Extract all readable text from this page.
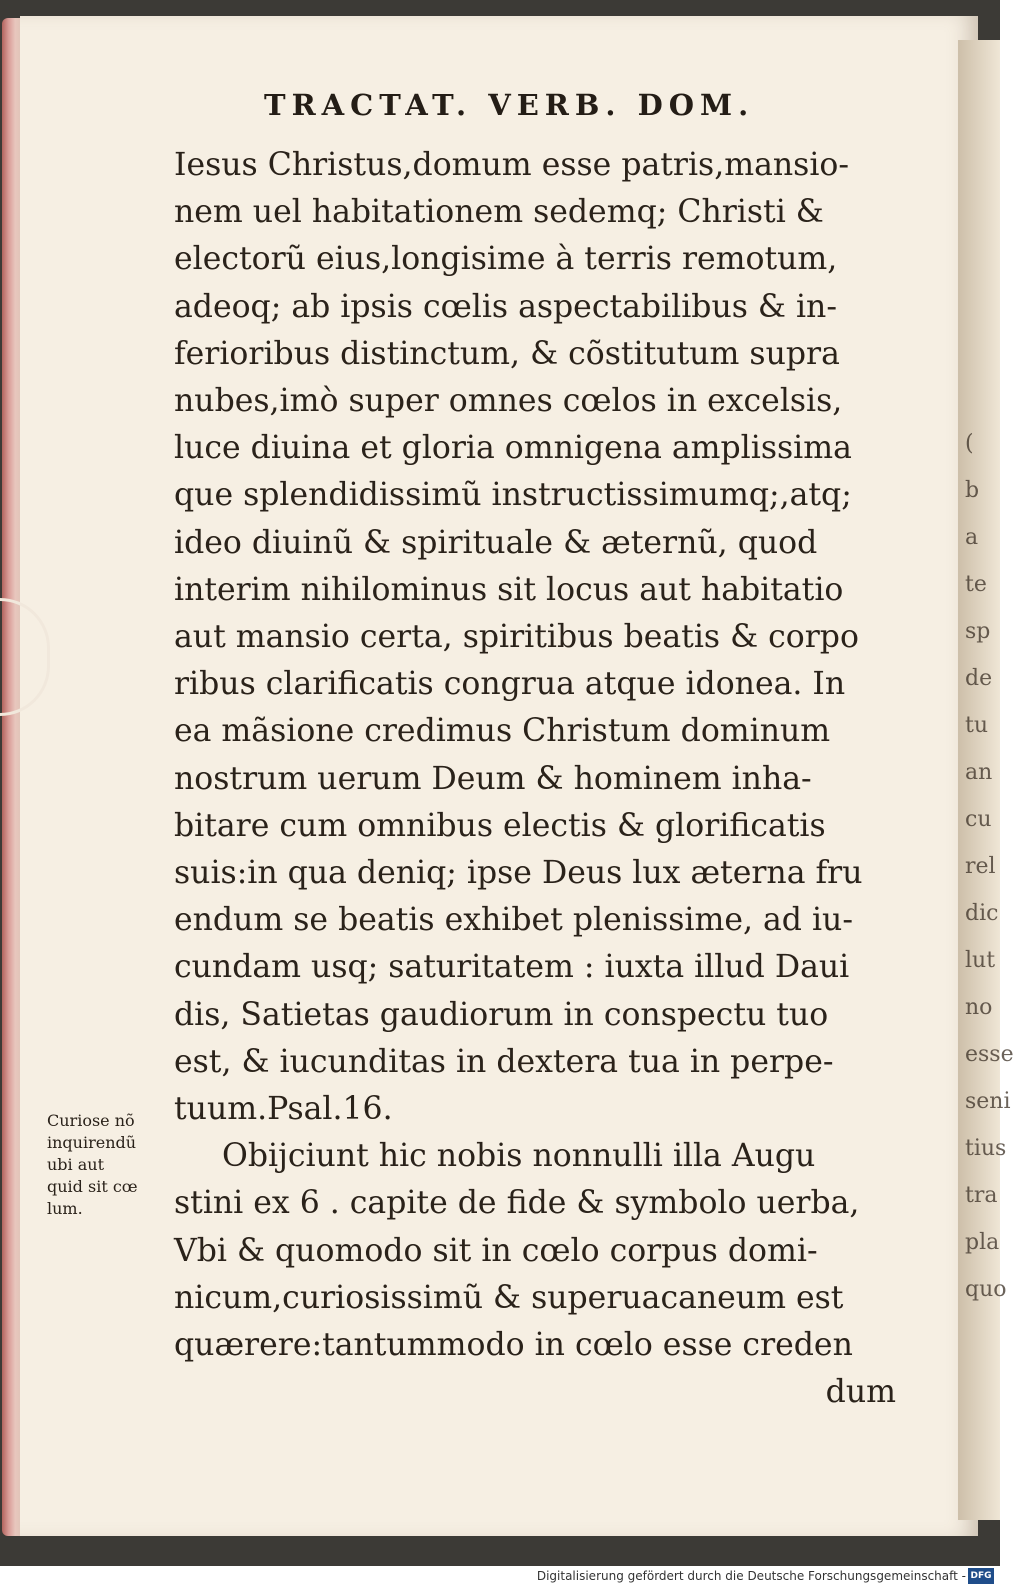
(
b
a
te
sp
de
tu
an
cu
rel
dic
lut
no
esse
seni
tius
tra
pla
quo
TRACTAT. VERB. DOM.
Iesus Christus,domum esse patris,mansio-
nem uel habitationem sedemq; Christi &
electorũ eius,longisime à terris remotum,
adeoq; ab ipsis cœlis aspectabilibus & in-
ferioribus distinctum, & cõstitutum supra
nubes,imò super omnes cœlos in excelsis,
luce diuina et gloria omnigena amplissima
que splendidissimũ instructissimumq;,atq;
ideo diuinũ & spirituale & æternũ, quod
interim nihilominus sit locus aut habitatio
aut mansio certa, spiritibus beatis & corpo
ribus clarificatis congrua atque idonea. In
ea mãsione credimus Christum dominum
nostrum uerum Deum & hominem inha-
bitare cum omnibus electis & glorificatis
suis:in qua deniq; ipse Deus lux æterna fru
endum se beatis exhibet plenissime, ad iu-
cundam usq; saturitatem : iuxta illud Daui
dis, Satietas gaudiorum in conspectu tuo
est, & iucunditas in dextera tua in perpe-
tuum.Psal.16.
Obijciunt hic nobis nonnulli illa Augu
stini ex 6 . capite de fide & symbolo uerba,
Vbi & quomodo sit in cœlo corpus domi-
nicum,curiosissimũ & superuacaneum est
quærere:tantummodo in cœlo esse creden
dum
Curiose nõ
inquirendũ
ubi aut
quid sit cœ
lum.
Digitalisierung gefördert durch die Deutsche Forschungsgemeinschaft - DFG
